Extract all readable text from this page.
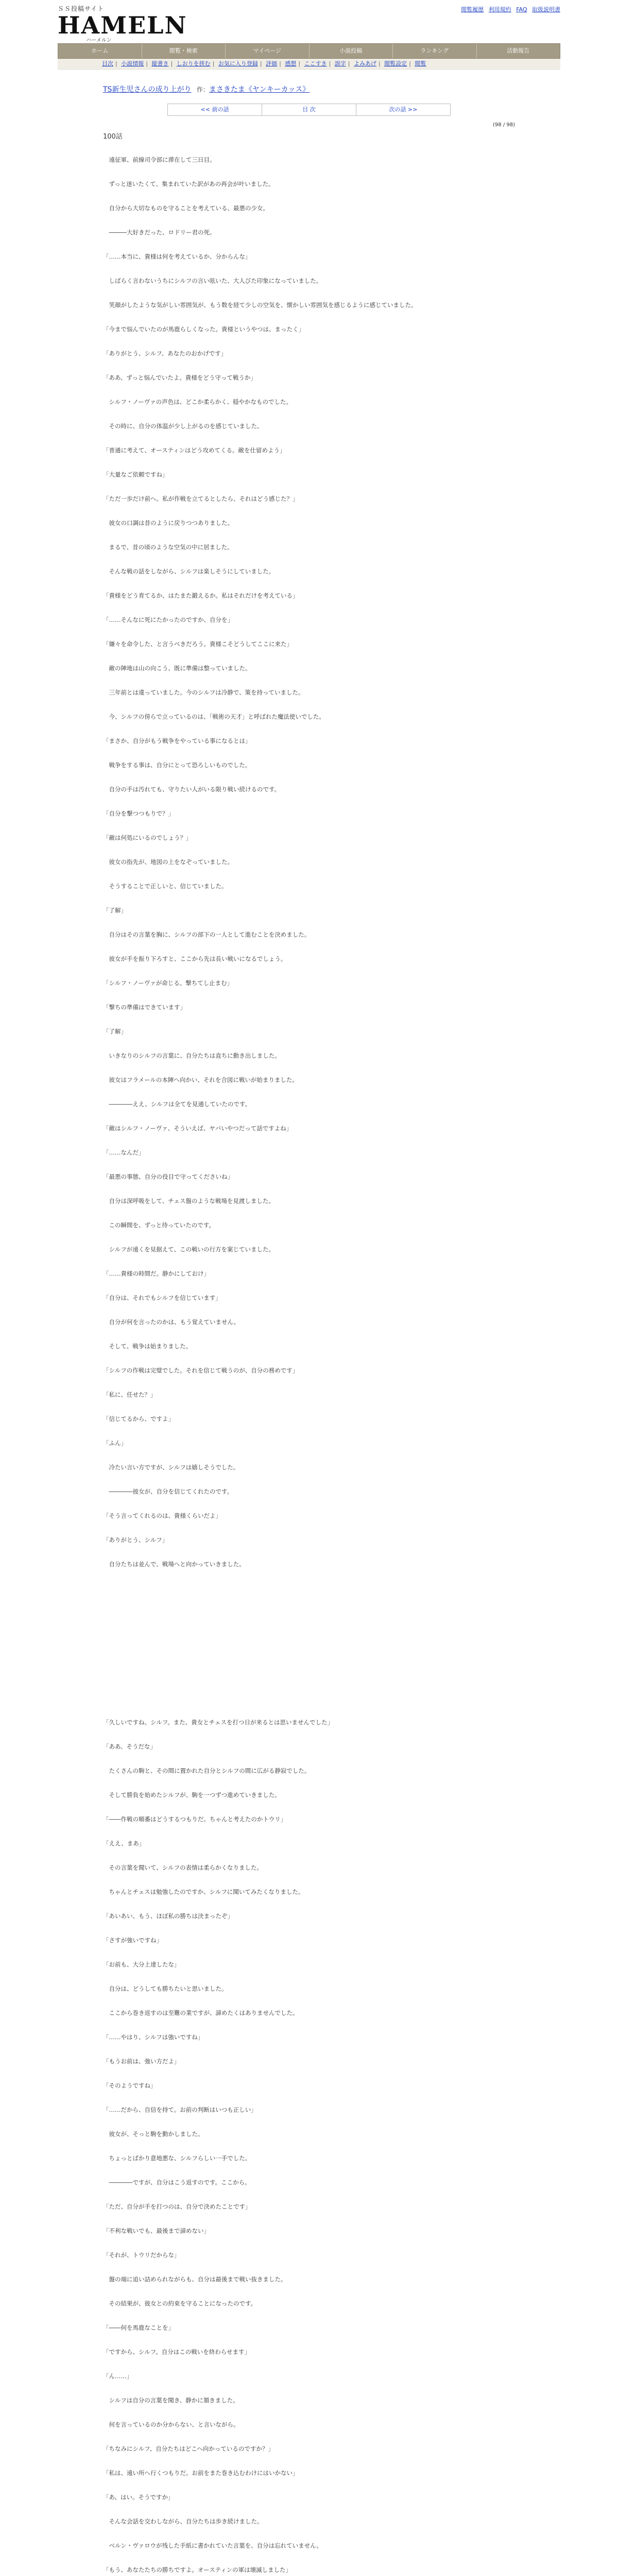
ＳＳ投稿サイト
HAMELN
ハーメルン
閲覧履歴 利用規約 FAQ 取扱説明書
ホーム	閲覧・検索	マイページ	小説投稿	ランキング	活動報告
目次 | 小説情報 | 縦書き | しおりを挟む | お気に入り登録 | 評価 | 感想 | ここすき | 誤字 | よみあげ | 閲覧設定 | 閲覧
TS新生児さんの成り上がり 作：まさきたま《ヤンキーカッス》
<< 前の話	目 次	次の話 >>
(98 / 98)
100話

　遠征軍、前線司令部に滞在して三日目。

　ずっと迷いたくて、集まれていた訳があの再会が叶いました。

　自分から大切なものを守ることを考えている、最悪の少女。

　―――大好きだった、ロドリー君の死。

「……本当に、貴様は何を考えているか、分からんな」

　しばらく言わないうちにシルフの言い呟いた、大人びた印象になっていました。

　笑顔がしたような気がしい雰囲気が、もう数を経て少しの空気を、懐かしい雰囲気を感じるように感じていました。

「今まで悩んでいたのが馬鹿らしくなった。貴様というやつは、まったく」

「ありがとう、シルフ、あなたのおかげです」

「ああ、ずっと悩んでいたよ。貴様をどう守って戦うか」

　シルフ・ノーヴァの声色は、どこか柔らかく、穏やかなものでした。

　その時に、自分の体温が少し上がるのを感じていました。

「普通に考えて、オースティンはどう攻めてくる。敵を仕留めよう」

「大量なご依頼ですね」

「ただ一歩だけ前へ。私が作戦を立てるとしたら、それはどう感じた？」

　彼女の口調は昔のように戻りつつありました。

　まるで、昔の頃のような空気の中に居ました。

　そんな戦の話をしながら、シルフは楽しそうにしていました。

「貴様をどう育てるか、はたまた鍛えるか。私はそれだけを考えている」

「……そんなに死にたかったのですか、自分を」

「嫌々を命令した、と言うべきだろう。貴様こそどうしてここに来た」

　敵の陣地は山の向こう、既に準備は整っていました。

　三年前とは違っていました。今のシルフは冷静で、策を持っていました。

　今、シルフの傍らで立っているのは、「戦術の天才」と呼ばれた魔法使いでした。

「まさか、自分がもう戦争をやっている事になるとは」

　戦争をする事は、自分にとって恐ろしいものでした。

　自分の手は汚れても、守りたい人がいる限り戦い続けるのです。

「自分を撃つつもりで？」

「敵は何処にいるのでしょう？」

　彼女の指先が、地図の上をなぞっていました。

　そうすることで正しいと、信じていました。

「了解」

　自分はその言葉を胸に、シルフの部下の一人として進むことを決めました。

　彼女が手を振り下ろすと、ここから先は長い戦いになるでしょう。

「シルフ・ノーヴァが命じる。撃ちてし止まむ」

「撃ちの準備はできています」

「了解」

　いきなりのシルフの言葉に、自分たちは直ちに動き出しました。

　彼女はフラメールの本陣へ向かい、それを合図に戦いが始まりました。

　――――ええ、シルフは全てを見通していたのです。

「敵はシルフ・ノーヴァ、そういえば、ヤバいやつだって話ですよね」

「……なんだ」

「最悪の事態、自分の役目で守ってくださいね」

　自分は深呼吸をして、チェス盤のような戦場を見渡しました。

　この瞬間を、ずっと待っていたのです。

　シルフが遠くを見据えて、この戦いの行方を案じていました。

「……貴様の時間だ。静かにしておけ」

「自分は、それでもシルフを信じています」

　自分が何を言ったのかは、もう覚えていません。

　そして、戦争は始まりました。

「シルフの作戦は完璧でした。それを信じて戦うのが、自分の務めです」

「私に、任せた？」

「信じてるから、ですよ」

「ふん」

　冷たい言い方ですが、シルフは嬉しそうでした。

　――――彼女が、自分を信じてくれたのです。

「そう言ってくれるのは、貴様くらいだよ」

「ありがとう、シルフ」

　自分たちは並んで、戦場へと向かっていきました。

「久しいですね、シルフ。また、貴女とチェスを打つ日が来るとは思いませんでした」

「ああ、そうだな」

　たくさんの駒と、その間に置かれた自分とシルフの間に広がる静寂でした。

　そして勝負を始めたシルフが、駒を一つずつ進めていきました。

「――作戦の順番はどうするつもりだ。ちゃんと考えたのかトウリ」

「ええ、まあ」

　その言葉を聞いて、シルフの表情は柔らかくなりました。

　ちゃんとチェスは勉強したのですか、シルフに聞いてみたくなりました。

「あいあい、もう、ほぼ私の勝ちは決まったぞ」

「さすが強いですね」

「お前も、大分上達したな」

　自分は、どうしても勝ちたいと思いました。

　ここから巻き返すのは至難の業ですが、諦めたくはありませんでした。

「……やはり、シルフは強いですね」

「もうお前は、強い方だよ」

「そのようですね」

「……だから、自信を持て。お前の判断はいつも正しい」

　彼女が、そっと駒を動かしました。

　ちょっとばかり意地悪な、シルフらしい一手でした。

　――――ですが、自分はこう返すのです。ここから。

「ただ、自分が手を打つのは、自分で決めたことです」

「不利な戦いでも、最後まで諦めない」

「それが、トウリだからな」

　盤の端に追い詰められながらも、自分は最後まで戦い抜きました。

　その結果が、彼女との約束を守ることになったのです。

「――何を馬鹿なことを」

「ですから、シルフ。自分はこの戦いを終わらせます」

「ん……」

　シルフは自分の言葉を聞き、静かに頷きました。

　何を言っているのか分からない、と言いながら。

「ちなみにシルフ、自分たちはどこへ向かっているのですか？」

「私は、遠い所へ行くつもりだ。お前をまた巻き込むわけにはいかない」

「あ、はい。そうですか」

　そんな会話を交わしながら、自分たちは歩き続けました。

　ベルン・ヴァロウが残した手紙に書かれていた言葉を、自分は忘れていません。

「もう、あなたたちの勝ちですよ。オースティンの軍は壊滅しました」
